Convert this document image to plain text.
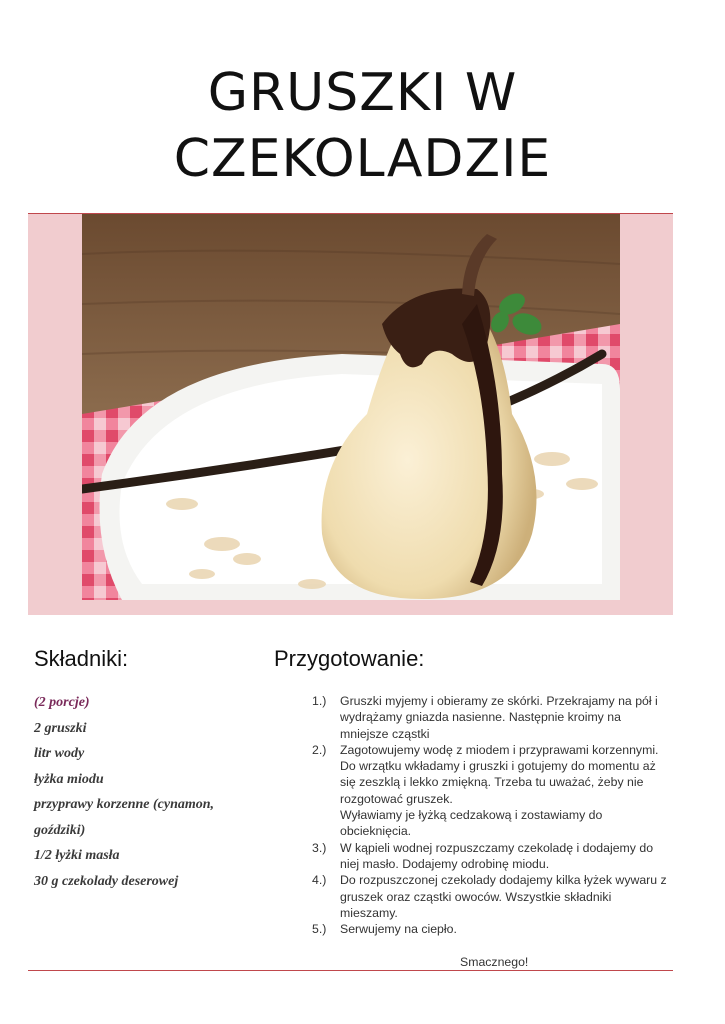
GRUSZKI W
CZEKOLADZIE
Składniki:	Przygotowanie:
(2 porcje)
2 gruszki
litr wody
łyżka miodu
przyprawy korzenne (cynamon,
goździki)
1/2 łyżki masła
30 g czekolady deserowej
1.) Gruszki myjemy i obieramy ze skórki. Przekrajamy na pół i
wydrążamy gniazda nasienne. Następnie kroimy na
mniejsze cząstki
2.) Zagotowujemy wodę z miodem i przyprawami korzennymi.
Do wrzątku wkładamy i gruszki i gotujemy do momentu aż
się zeszklą i lekko zmiękną. Trzeba tu uważać, żeby nie
rozgotować gruszek.
Wyławiamy je łyżką cedzakową i zostawiamy do
obcieknięcia.
3.) W kąpieli wodnej rozpuszczamy czekoladę i dodajemy do
niej masło. Dodajemy odrobinę miodu.
4.) Do rozpuszczonej czekolady dodajemy kilka łyżek wywaru z
gruszek oraz cząstki owoców. Wszystkie składniki
mieszamy.
5.) Serwujemy na ciepło.
Smacznego!
